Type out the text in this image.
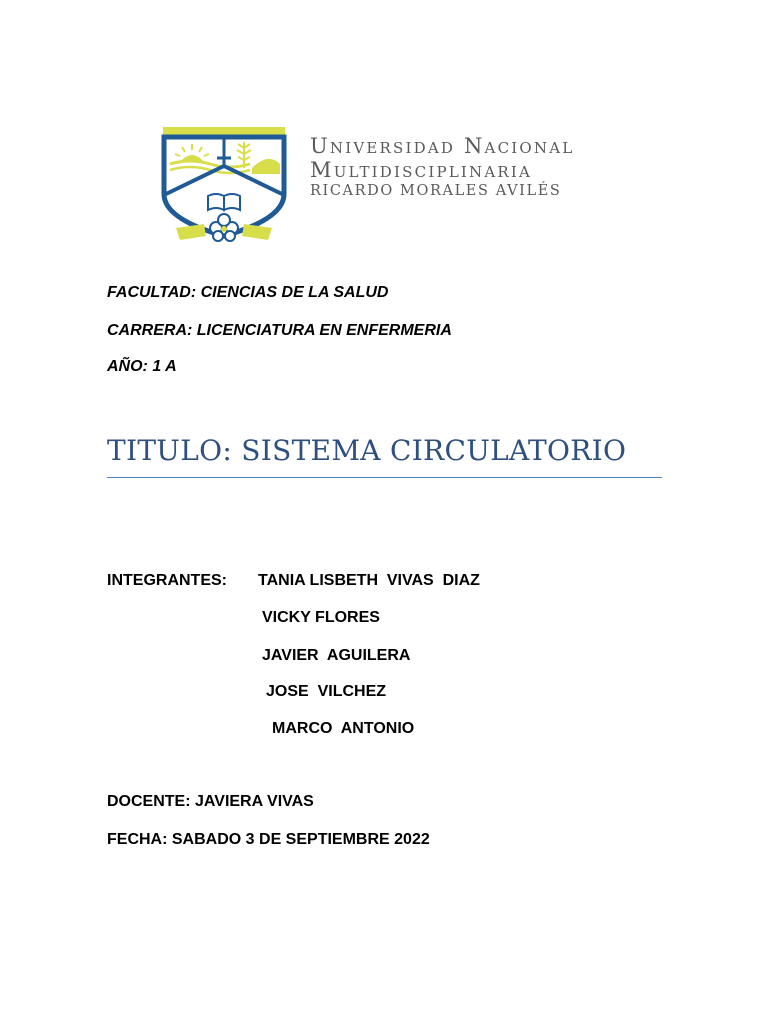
Universidad Nacional
Multidisciplinaria
RICARDO MORALES AVILÉS
FACULTAD: CIENCIAS DE LA SALUD
CARRERA: LICENCIATURA EN ENFERMERIA
AÑO: 1 A
TITULO: SISTEMA CIRCULATORIO
INTEGRANTES: TANIA LISBETH  VIVAS  DIAZ
VICKY FLORES
JAVIER  AGUILERA
JOSE  VILCHEZ
MARCO  ANTONIO
DOCENTE: JAVIERA VIVAS
FECHA: SABADO 3 DE SEPTIEMBRE 2022
